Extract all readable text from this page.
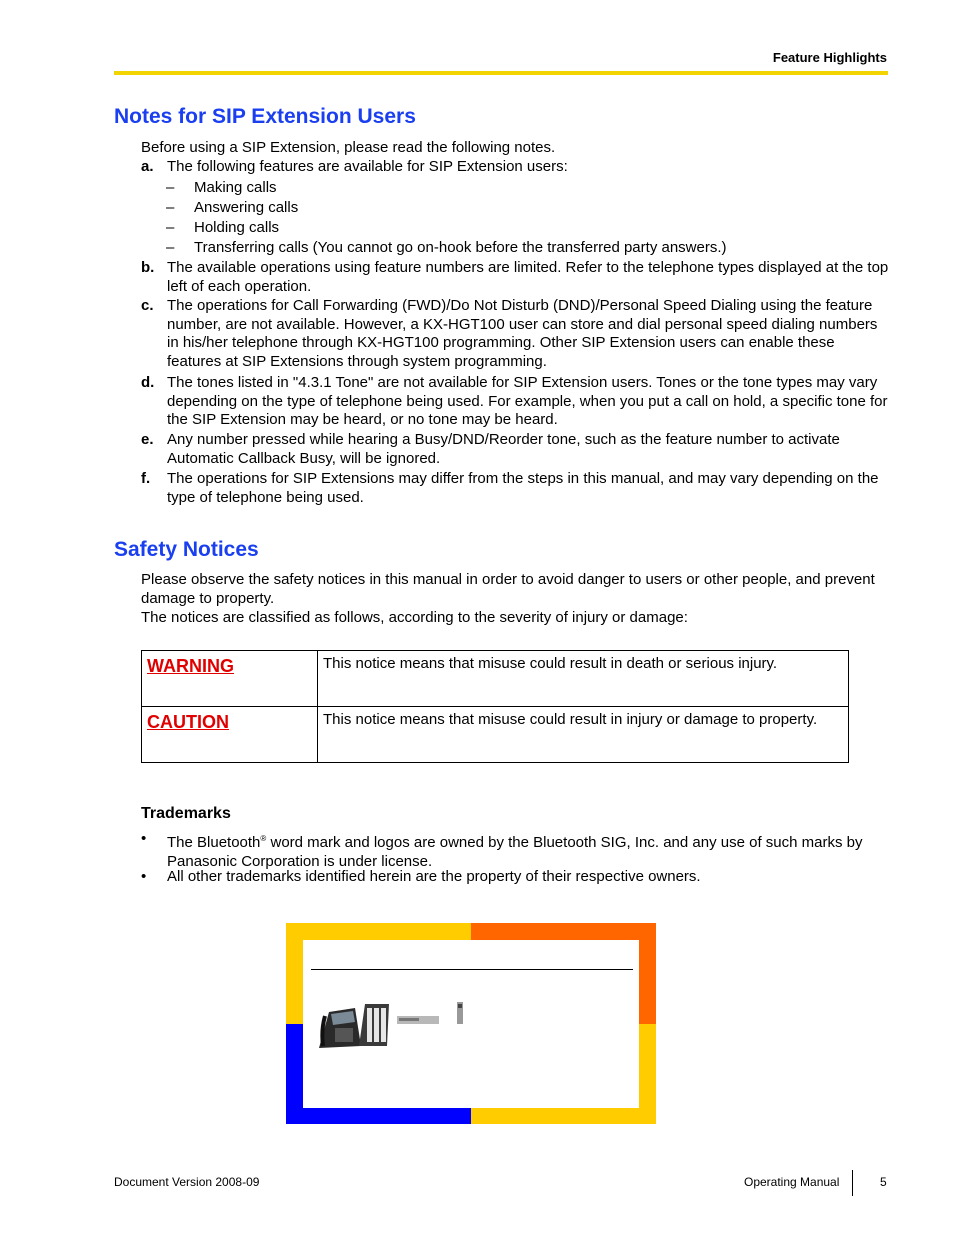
Feature Highlights
Notes for SIP Extension Users
Before using a SIP Extension, please read the following notes.
a. The following features are available for SIP Extension users:
– Making calls
– Answering calls
– Holding calls
– Transferring calls (You cannot go on-hook before the transferred party answers.)
b. The available operations using feature numbers are limited. Refer to the telephone types displayed at the top left of each operation.
c. The operations for Call Forwarding (FWD)/Do Not Disturb (DND)/Personal Speed Dialing using the feature number, are not available. However, a KX-HGT100 user can store and dial personal speed dialing numbers in his/her telephone through KX-HGT100 programming. Other SIP Extension users can enable these features at SIP Extensions through system programming.
d. The tones listed in "4.3.1 Tone" are not available for SIP Extension users. Tones or the tone types may vary depending on the type of telephone being used. For example, when you put a call on hold, a specific tone for the SIP Extension may be heard, or no tone may be heard.
e. Any number pressed while hearing a Busy/DND/Reorder tone, such as the feature number to activate Automatic Callback Busy, will be ignored.
f. The operations for SIP Extensions may differ from the steps in this manual, and may vary depending on the type of telephone being used.
Safety Notices
Please observe the safety notices in this manual in order to avoid danger to users or other people, and prevent damage to property.
The notices are classified as follows, according to the severity of injury or damage:
WARNING	This notice means that misuse could result in death or serious injury.
CAUTION	This notice means that misuse could result in injury or damage to property.
Trademarks
• The Bluetooth® word mark and logos are owned by the Bluetooth SIG, Inc. and any use of such marks by Panasonic Corporation is under license.
• All other trademarks identified herein are the property of their respective owners.
Document Version 2008-09	Operating Manual	5
